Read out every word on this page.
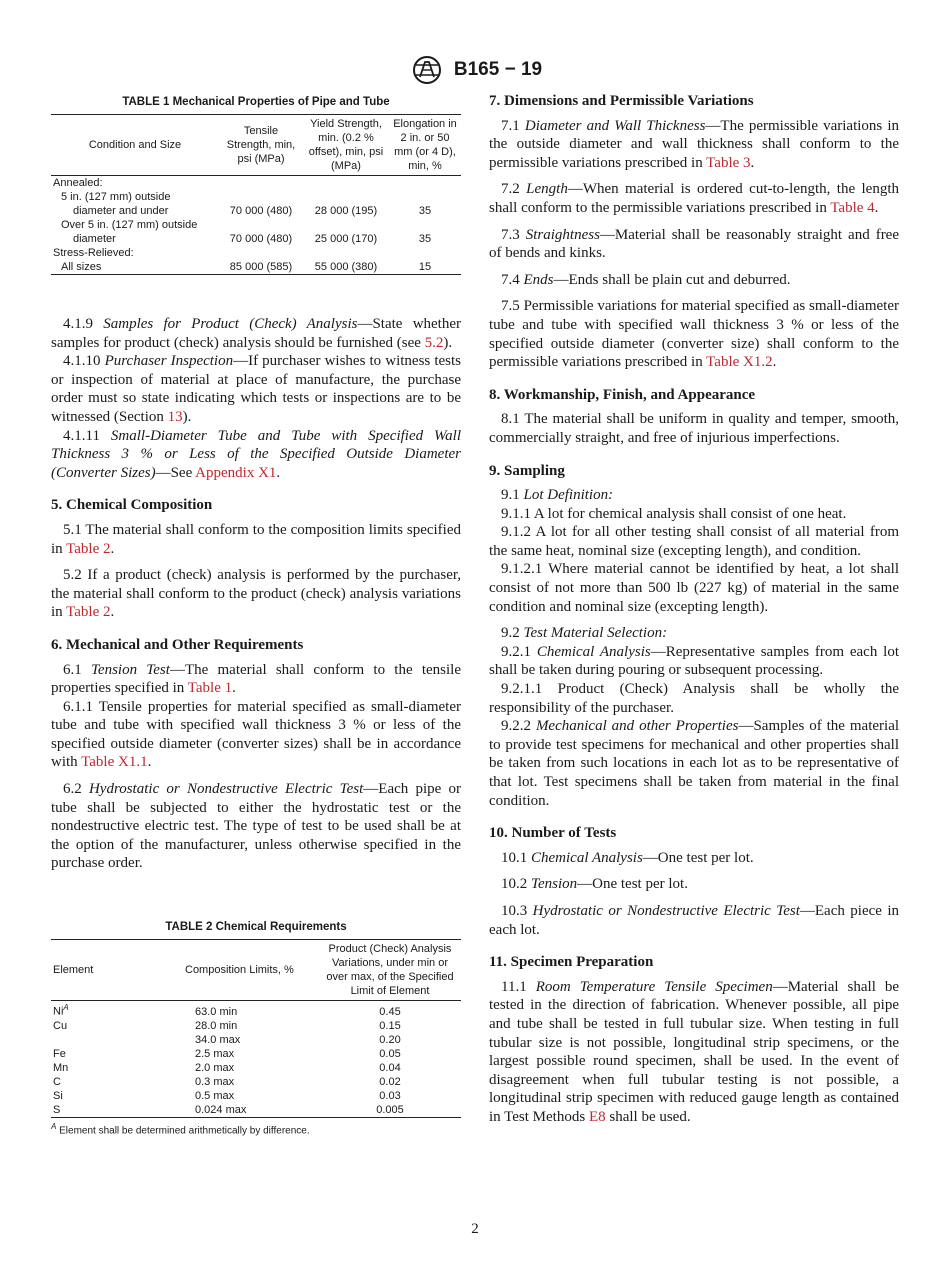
B165 − 19
TABLE 1 Mechanical Properties of Pipe and Tube
Condition and Size	Tensile Strength, min, psi (MPa)	Yield Strength, min. (0.2 % offset), min, psi (MPa)	Elongation in 2 in. or 50 mm (or 4 D), min, %
Annealed:			
5 in. (127 mm) outside			
diameter and under	70 000 (480)	28 000 (195)	35
Over 5 in. (127 mm) outside			
diameter	70 000 (480)	25 000 (170)	35
Stress-Relieved:			
All sizes	85 000 (585)	55 000 (380)	15

4.1.9 Samples for Product (Check) Analysis—State whether samples for product (check) analysis should be furnished (see 5.2).

4.1.10 Purchaser Inspection—If purchaser wishes to witness tests or inspection of material at place of manufacture, the purchase order must so state indicating which tests or inspections are to be witnessed (Section 13).

4.1.11 Small-Diameter Tube and Tube with Specified Wall Thickness 3 % or Less of the Specified Outside Diameter (Converter Sizes)—See Appendix X1.

5. Chemical Composition

5.1 The material shall conform to the composition limits specified in Table 2.

5.2 If a product (check) analysis is performed by the purchaser, the material shall conform to the product (check) analysis variations in Table 2.

6. Mechanical and Other Requirements

6.1 Tension Test—The material shall conform to the tensile properties specified in Table 1.

6.1.1 Tensile properties for material specified as small-diameter tube and tube with specified wall thickness 3 % or less of the specified outside diameter (converter sizes) shall be in accordance with Table X1.1.

6.2 Hydrostatic or Nondestructive Electric Test—Each pipe or tube shall be subjected to either the hydrostatic test or the nondestructive electric test. The type of test to be used shall be at the option of the manufacturer, unless otherwise specified in the purchase order.

TABLE 2 Chemical Requirements
Element	Composition Limits, %	Product (Check) Analysis Variations, under min or over max, of the Specified Limit of Element
$Ni^A$	63.0 min	0.45
Cu	28.0 min	0.15
	34.0 max	0.20
Fe	2.5 max	0.05
Mn	2.0 max	0.04
C	0.3 max	0.02
Si	0.5 max	0.03
S	0.024 max	0.005
$^A$ Element shall be determined arithmetically by difference.
7. Dimensions and Permissible Variations

7.1 Diameter and Wall Thickness—The permissible variations in the outside diameter and wall thickness shall conform to the permissible variations prescribed in Table 3.

7.2 Length—When material is ordered cut-to-length, the length shall conform to the permissible variations prescribed in Table 4.

7.3 Straightness—Material shall be reasonably straight and free of bends and kinks.

7.4 Ends—Ends shall be plain cut and deburred.

7.5 Permissible variations for material specified as small-diameter tube and tube with specified wall thickness 3 % or less of the specified outside diameter (converter size) shall conform to the permissible variations prescribed in Table X1.2.

8. Workmanship, Finish, and Appearance

8.1 The material shall be uniform in quality and temper, smooth, commercially straight, and free of injurious imperfections.

9. Sampling

9.1 Lot Definition:

9.1.1 A lot for chemical analysis shall consist of one heat.

9.1.2 A lot for all other testing shall consist of all material from the same heat, nominal size (excepting length), and condition.

9.1.2.1 Where material cannot be identified by heat, a lot shall consist of not more than 500 lb (227 kg) of material in the same condition and nominal size (excepting length).

9.2 Test Material Selection:

9.2.1 Chemical Analysis—Representative samples from each lot shall be taken during pouring or subsequent processing.

9.2.1.1 Product (Check) Analysis shall be wholly the responsibility of the purchaser.

9.2.2 Mechanical and other Properties—Samples of the material to provide test specimens for mechanical and other properties shall be taken from such locations in each lot as to be representative of that lot. Test specimens shall be taken from material in the final condition.

10. Number of Tests

10.1 Chemical Analysis—One test per lot.

10.2 Tension—One test per lot.

10.3 Hydrostatic or Nondestructive Electric Test—Each piece in each lot.

11. Specimen Preparation

11.1 Room Temperature Tensile Specimen—Material shall be tested in the direction of fabrication. Whenever possible, all pipe and tube shall be tested in full tubular size. When testing in full tubular size is not possible, longitudinal strip specimens, or the largest possible round specimen, shall be used. In the event of disagreement when full tubular testing is not possible, a longitudinal strip specimen with reduced gauge length as contained in Test Methods E8 shall be used.

2
